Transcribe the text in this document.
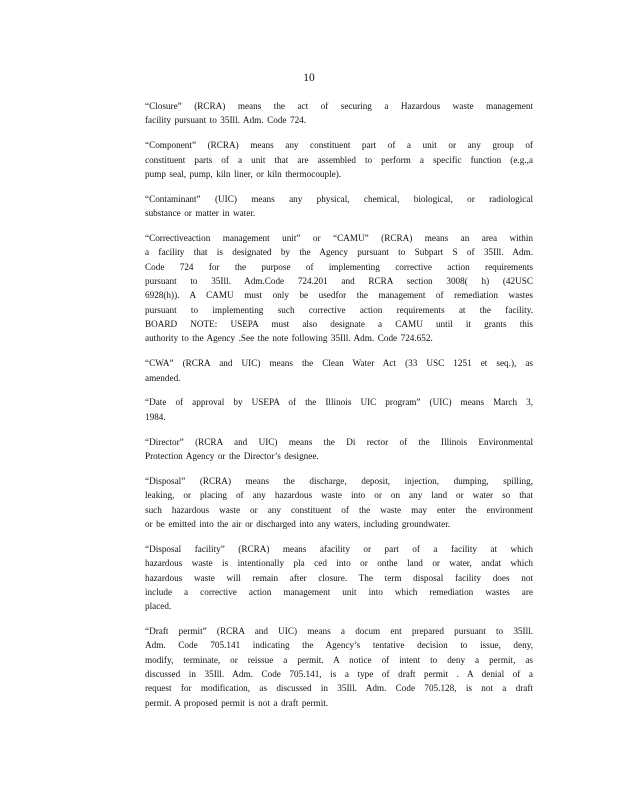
10
“Closure” (RCRA) means the act of securing a Hazardous waste management
facility pursuant to 35Ill. Adm. Code 724.
“Component” (RCRA) means any constituent part of a unit or any group of
constituent parts of a unit that are assembled to perform a specific function (e.g.,a
pump seal, pump, kiln liner, or kiln thermocouple).
“Contaminant” (UIC) means any physical, chemical, biological, or radiological
substance or matter in water.
“Correctiveaction management unit” or “CAMU” (RCRA) means an area within
a facility that is designated by the Agency pursuant to Subpart S of 35Ill. Adm.
Code 724 for the purpose of implementing corrective action requirements
pursuant to 35Ill. Adm.Code 724.201 and RCRA section 3008( h) (42USC
6928(h)). A CAMU must only be usedfor the management of remediation wastes
pursuant to implementing such corrective action requirements at the facility.
BOARD NOTE: USEPA must also designate a CAMU until it grants this
authority to the Agency .See the note following 35Ill. Adm. Code 724.652.
“CWA” (RCRA and UIC) means the Clean Water Act (33 USC 1251 et seq.), as
amended.
“Date of approval by USEPA of the Illinois UIC program” (UIC) means March 3,
1984.
“Director” (RCRA and UIC) means the Di rector of the Illinois Environmental
Protection Agency or the Director’s designee.
“Disposal” (RCRA) means the discharge, deposit, injection, dumping, spilling,
leaking, or placing of any hazardous waste into or on any land or water so that
such hazardous waste or any constituent of the waste may enter the environment
or be emitted into the air or discharged into any waters, including groundwater.
“Disposal facility” (RCRA) means afacility or part of a facility at which
hazardous waste is intentionally pla ced into or onthe land or water, andat which
hazardous waste will remain after closure. The term disposal facility does not
include a corrective action management unit into which remediation wastes are
placed.
“Draft permit” (RCRA and UIC) means a docum ent prepared pursuant to 35Ill.
Adm. Code 705.141 indicating the Agency’s tentative decision to issue, deny,
modify, terminate, or reissue a permit. A notice of intent to deny a permit, as
discussed in 35Ill. Adm. Code 705.141, is a type of draft permit . A denial of a
request for modification, as discussed in 35Ill. Adm. Code 705.128, is not a draft
permit. A proposed permit is not a draft permit.
